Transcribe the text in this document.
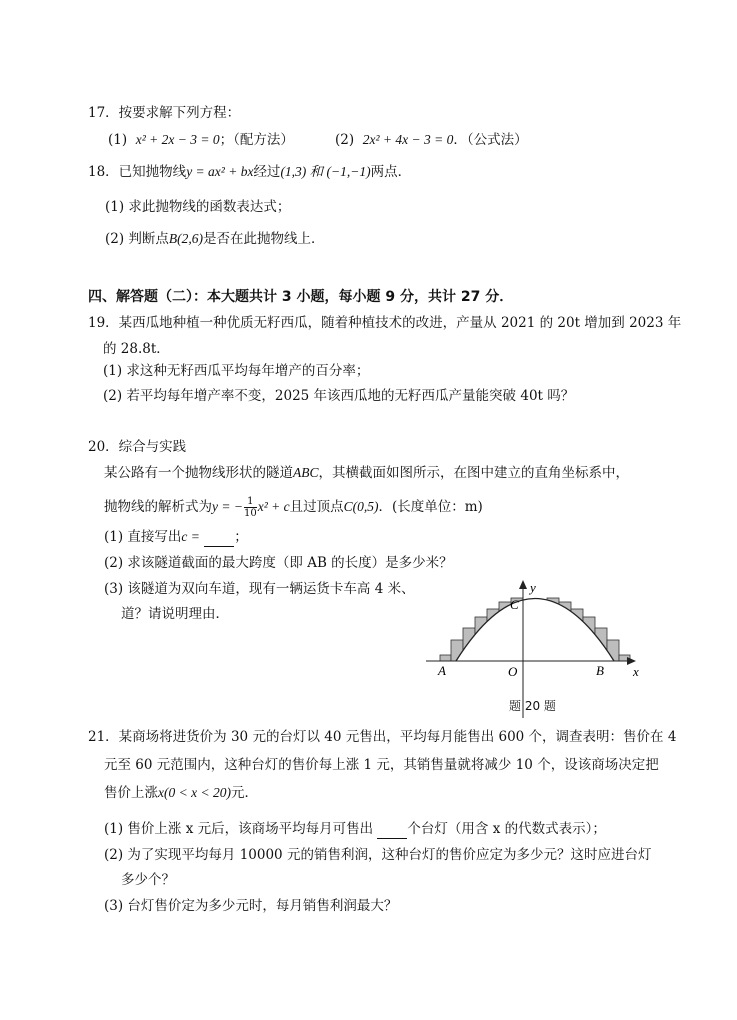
17．按要求解下列方程：
(1) x² + 2x − 3 = 0；（配方法）	(2) 2x² + 4x − 3 = 0．（公式法）
18．已知抛物线y = ax² + bx经过(1,3) 和 (−1,−1)两点．
(1) 求此抛物线的函数表达式；
(2) 判断点B(2,6)是否在此抛物线上．
四、解答题（二）：本大题共计 3 小题，每小题 9 分，共计 27 分．
19．某西瓜地种植一种优质无籽西瓜，随着种植技术的改进，产量从 2021 的 20t 增加到 2023 年
的 28.8t．
(1) 求这种无籽西瓜平均每年增产的百分率；
(2) 若平均每年增产率不变，2025 年该西瓜地的无籽西瓜产量能突破 40t 吗？
20．综合与实践
某公路有一个抛物线形状的隧道ABC，其横截面如图所示，在图中建立的直角坐标系中，
抛物线的解析式为y = − $\frac{1}{10} x^2 + c$且过顶点C(0,5)．(长度单位：m)
(1) 直接写出c =	；
(2) 求该隧道截面的最大跨度（即 AB 的长度）是多少米？
(3) 该隧道为双向车道，现有一辆运货卡车高 4 米、
道？请说明理由．
y
x
C
O
A	B
题 20 题
21．某商场将进货价为 30 元的台灯以 40 元售出，平均每月能售出 600 个，调查表明：售价在 4
元至 60 元范围内，这种台灯的售价每上涨 1 元，其销售量就将减少 10 个，设该商场决定把
售价上涨x(0 < x < 20)元．
(1) 售价上涨 x 元后，该商场平均每月可售出	个台灯（用含 x 的代数式表示）；
(2) 为了实现平均每月 10000 元的销售利润，这种台灯的售价应定为多少元？这时应进台灯
多少个？
(3) 台灯售价定为多少元时，每月销售利润最大？
